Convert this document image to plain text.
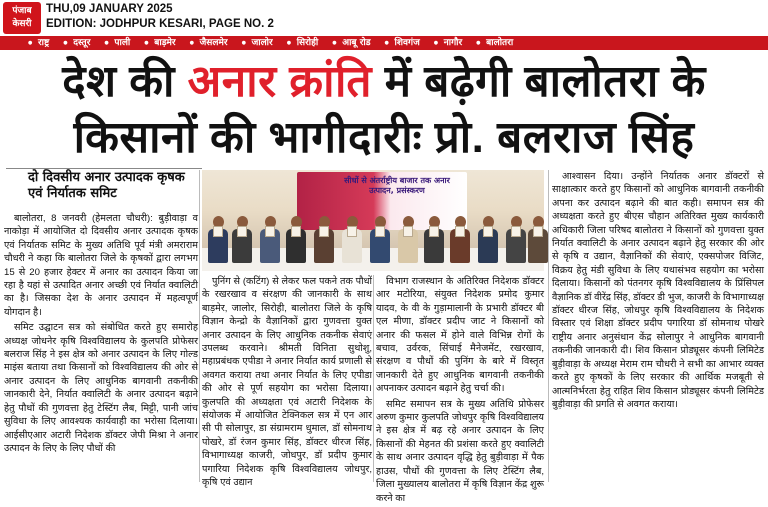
पंजाब
केसरी
THU,09 JANUARY 2025
EDITION: JODHPUR KESARI, PAGE NO. 2
● राष्ट्र	● दस्तूर	● पाली	● बाड़मेर	● जैसलमेर	● जालोर	● सिरोही	● आबू रोड	● शिवगंज	● नागौर	● बालोतरा
देश की अनार क्रांति में बढ़ेगी बालोतरा के
किसानों की भागीदारीः प्रो. बलराज सिंह
दो दिवसीय अनार उत्पादक कृषक एवं निर्यातक समिट

बालोतरा, 8 जनवरी (हेमलता चौधरी): बुड़ीवाड़ा व नाकोड़ा में आयोजित दो दिवसीय अनार उत्पादक कृषक एवं निर्यातक समिट के मुख्य अतिथि पूर्व मंत्री अमराराम चौधरी ने कहा कि बालोतरा जिले के कृषकों द्वारा लगभग 15 से 20 हजार हेक्टर में अनार का उत्पादन किया जा रहा है यहां से उत्पादित अनार अच्छी एवं निर्यात क्वालिटी का है। जिसका देश के अनार उत्पादन में महत्वपूर्ण योगदान है।

समिट उद्घाटन सत्र को संबोधित करते हुए समारोह अध्यक्ष जोधनेर कृषि विश्वविद्यालय के कुलपति प्रोफेसर बलराज सिंह ने इस क्षेत्र को अनार उत्पादन के लिए गोल्ड माइंस बताया तथा किसानों को विश्वविद्यालय की ओर से अनार उत्पादन के लिए आधुनिक बागवानी तकनीकी जानकारी देने, निर्यात क्वालिटी के अनार उत्पादन बढ़ाने हेतु पौधों की गुणवत्ता हेतु टेस्टिंग लैब, मिट्टी, पानी जांच सुविधा के लिए आवश्यक कार्यवाही का भरोसा दिलाया। आईसीएआर अटारी निदेशक डॉक्टर जेपी मिश्रा ने अनार उत्पादन के लिए के लिए पौधों की

सीधों से अंतर्राष्ट्रीय बाजार तक अनार उत्पादन, प्रसंस्करण

पुनिंग से (कटिंग) से लेकर फल पकने तक पौधों के रखरखाव व संरक्षण की जानकारी के साथ बाड़मेर, जालोर, सिरोही, बालोतरा जिले के कृषि विज्ञान केन्द्रो के वैज्ञानिकों द्वारा गुणवत्ता युक्त अनार उत्पादन के लिए आधुनिक तकनीक सेवाएं उपलब्ध करवाने। श्रीमती विनिता सुथोशु, महाप्रबंधक एपीडा ने अनार निर्यात कार्य प्रणाली से अवगत कराया तथा अनार निर्यात के लिए एपीडा की ओर से पूर्ण सहयोग का भरोसा दिलाया। कुलपति की अध्यक्षता एवं अटारी निदेशक के संयोजक में आयोजित टेक्निकल सत्र में एन आर सी पी सोलापुर, डा संग्रामराम धुमाल, डॉ सोमनाथ पोखरे, डॉ रंजन कुमार सिंह, डॉक्टर धीरज सिंह, विभागाध्यक्ष काजरी, जोधपुर, डॉ प्रदीप कुमार पगारिया निदेशक कृषि विश्वविद्यालय जोधपुर, कृषि एवं उद्यान

विभाग राजस्थान के अतिरिक्त निदेशक डॉक्टर आर मटोरिया, संयुक्त निदेशक प्रमोद कुमार यादव, के वी के गुड़ामालानी के प्रभारी डॉक्टर बी एल मीणा, डॉक्टर प्रदीप जाट ने किसानों को अनार की फसल में होने वाले विभिन्न रोगों के बचाव, उर्वरक, सिंचाई मैनेजमेंट, रखरखाव, संरक्षण व पौधों की पुनिंग के बारे में विस्तृत जानकारी देते हुए आधुनिक बागवानी तकनीकी अपनाकर उत्पादन बढ़ाने हेतु चर्चा की।

समिट समापन सत्र के मुख्य अतिथि प्रोफेसर अरुण कुमार कुलपति जोधपुर कृषि विश्वविद्यालय ने इस क्षेत्र में बढ़ रहे अनार उत्पादन के लिए किसानों की मेहनत की प्रशंसा करते हुए क्वालिटी के साथ अनार उत्पादन वृद्धि हेतु बुड़ीवाड़ा में पैक हाउस, पौधों की गुणवत्ता के लिए टेस्टिंग लैब, जिला मुख्यालय बालोतरा में कृषि विज्ञान केंद्र शुरू करने का

आश्वासन दिया। उन्होंने निर्यातक अनार डॉक्टरों से साक्षात्कार करते हुए किसानों को आधुनिक बागवानी तकनीकी अपना कर उत्पादन बढ़ाने की बात कही। समापन सत्र की अध्यक्षता करते हुए बीएस चौहान अतिरिक्त मुख्य कार्यकारी अधिकारी जिला परिषद बालोतरा ने किसानों को गुणवत्ता युक्त निर्यात क्वालिटी के अनार उत्पादन बढ़ाने हेतु सरकार की ओर से कृषि व उद्यान, वैज्ञानिकों की सेवाएं, एक्सपोजर विजिट, विक्रय हेतु मंडी सुविधा के लिए यथासंभव सहयोग का भरोसा दिलाया। किसानों को पंतनगर कृषि विश्वविद्यालय के प्रिंसिपल वैज्ञानिक डॉ वीरेंद्र सिंह, डॉक्टर डी भुज, काजरी के विभागाध्यक्ष डॉक्टर धीरज सिंह, जोधपुर कृषि विश्वविद्यालय के निदेशक विस्तार एवं शिक्षा डॉक्टर प्रदीप पगारिया डॉ सोमनाथ पोखरे राष्ट्रीय अनार अनुसंधान केंद्र सोलापुर ने आधुनिक बागवानी तकनीकी जानकारी दी। शिव किसान प्रोड्यूसर कंपनी लिमिटेड बुड़ीवाड़ा के अध्यक्ष मेराम राम चौधरी ने सभी का आभार व्यक्त करते हुए कृषकों के लिए सरकार की आर्थिक मजबूती से आत्मनिर्भरता हेतु राहित शिव किसान प्रोड्यूसर कंपनी लिमिटेड बुड़ीवाड़ा की प्रगति से अवगत कराया।
